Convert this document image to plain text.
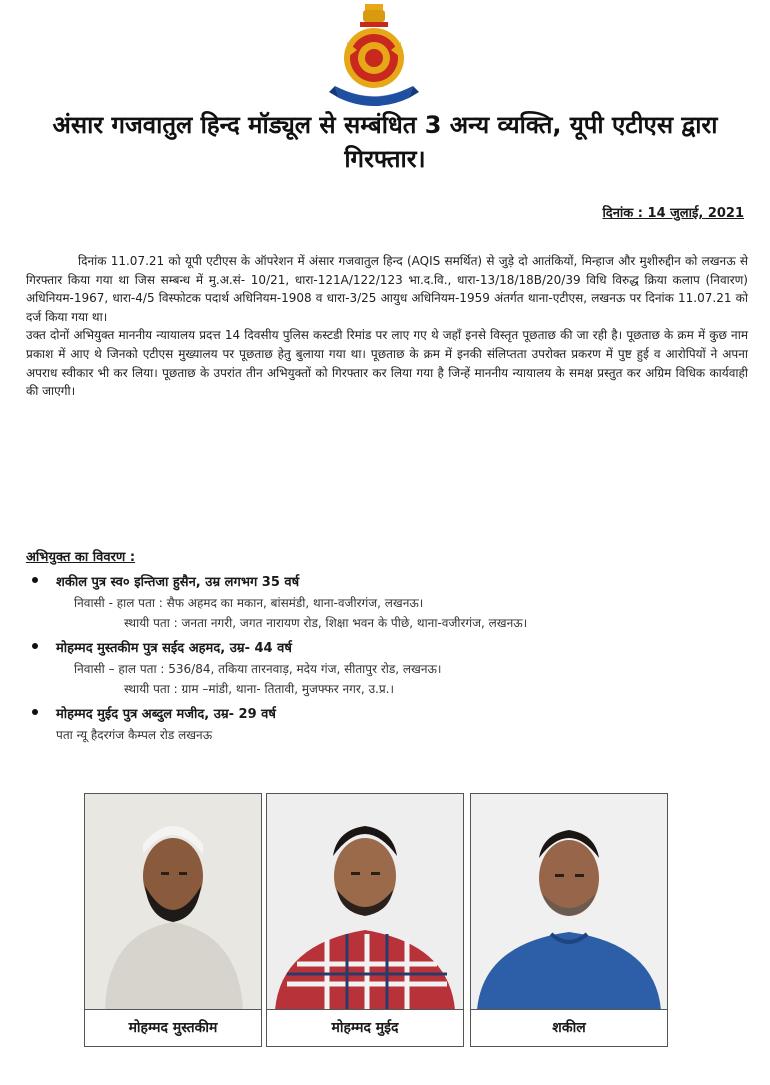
अंसार गजवातुल हिन्द मॉड्यूल से सम्बंधित 3 अन्य व्यक्ति, यूपी एटीएस द्वारा गिरफ्तार।
दिनांक : 14 जुलाई, 2021

दिनांक 11.07.21 को यूपी एटीएस के ऑपरेशन में अंसार गजवातुल हिन्द (AQIS समर्थित) से जुड़े दो आतंकियों, मिन्हाज और मुशीरुद्दीन को लखनऊ से गिरफ्तार किया गया था जिस सम्बन्ध में मु.अ.सं- 10/21, धारा-121A/122/123 भा.द.वि., धारा-13/18/18B/20/39 विधि विरुद्ध क्रिया कलाप (निवारण) अधिनियम-1967, धारा-4/5 विस्फोटक पदार्थ अधिनियम-1908 व धारा-3/25 आयुध अधिनियम-1959 अंतर्गत थाना-एटीएस, लखनऊ पर दिनांक 11.07.21 को दर्ज किया गया था।

उक्त दोनों अभियुक्त माननीय न्यायालय प्रदत्त 14 दिवसीय पुलिस कस्टडी रिमांड पर लाए गए थे जहाँ इनसे विस्तृत पूछताछ की जा रही है। पूछताछ के क्रम में कुछ नाम प्रकाश में आए थे जिनको एटीएस मुख्यालय पर पूछताछ हेतु बुलाया गया था। पूछताछ के क्रम में इनकी संलिप्तता उपरोक्त प्रकरण में पुष्ट हुई व आरोपियों ने अपना अपराध स्वीकार भी कर लिया। पूछताछ के उपरांत तीन अभियुक्तों को गिरफ्तार कर लिया गया है जिन्हें माननीय न्यायालय के समक्ष प्रस्तुत कर अग्रिम विधिक कार्यवाही की जाएगी।

अभियुक्त का विवरण :
शकील पुत्र स्व० इन्तिजा हुसैन, उम्र लगभग 35 वर्ष
निवासी - हाल पता : सैफ अहमद का मकान, बांसमंडी, थाना-वजीरगंज, लखनऊ।
स्थायी पता : जनता नगरी, जगत नारायण रोड, शिक्षा भवन के पीछे, थाना-वजीरगंज, लखनऊ।
मोहम्मद मुस्तकीम पुत्र सईद अहमद, उम्र- 44 वर्ष
निवासी – हाल पता : 536/84, तकिया तारनवाड़, मदेय गंज, सीतापुर रोड, लखनऊ।
स्थायी पता : ग्राम –मांडी, थाना- तितावी, मुजफ्फर नगर, उ.प्र.।
मोहम्मद मुईद पुत्र अब्दुल मजीद, उम्र- 29 वर्ष
पता न्यू हैदरगंज कैम्पल रोड लखनऊ
मोहम्मद मुस्तकीम	मोहम्मद मुईद	शकील
